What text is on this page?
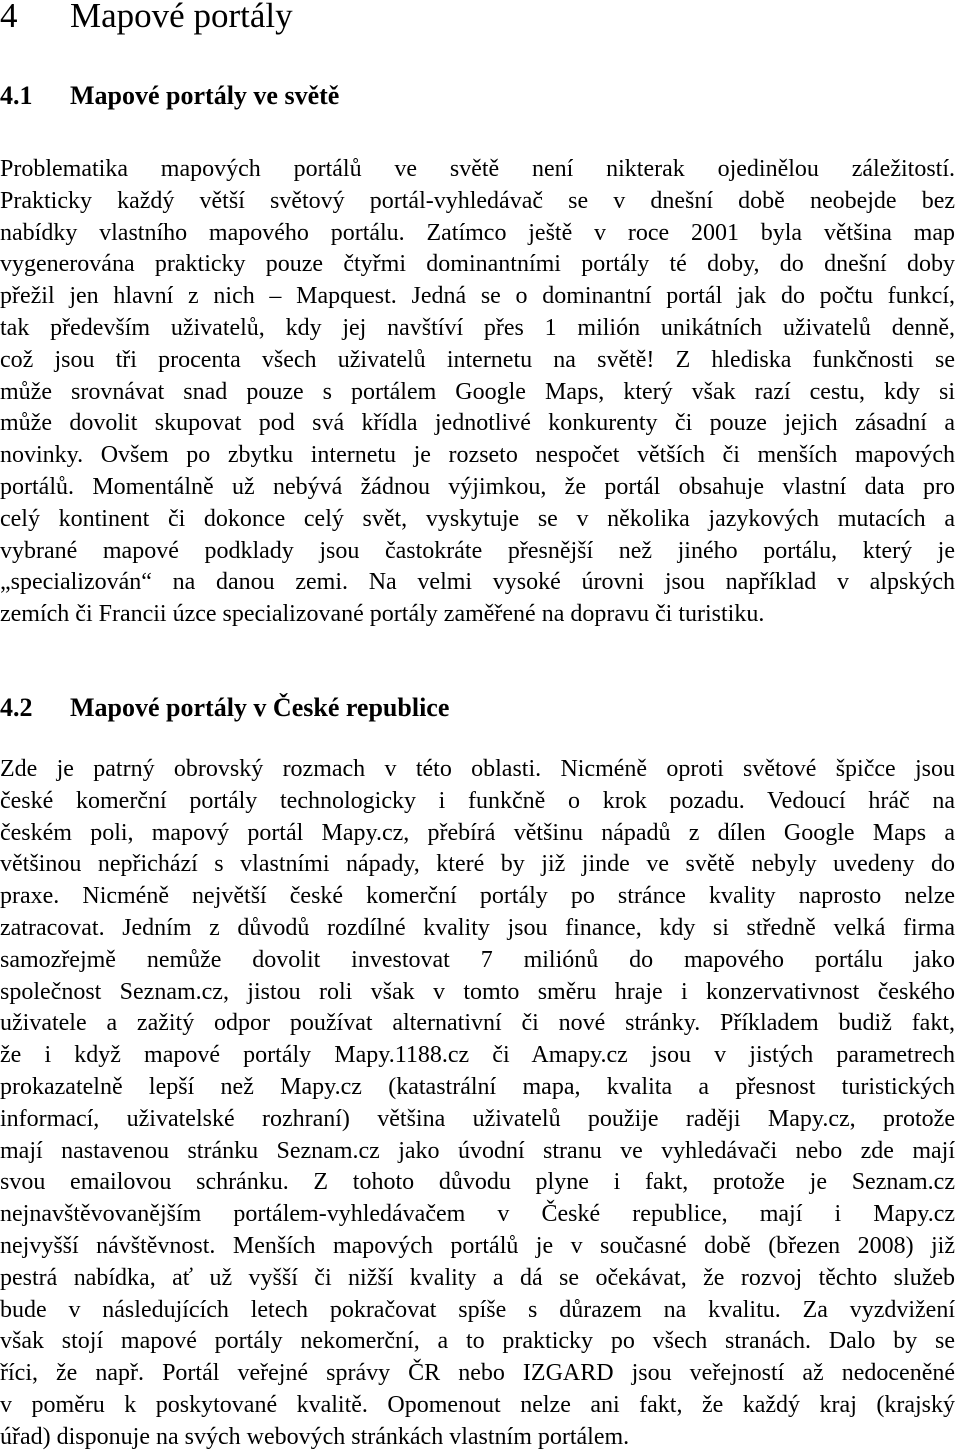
4 Mapové portály
4.1 Mapové portály ve světě
Problematika mapových portálů ve světě není nikterak ojedinělou záležitostí.
Prakticky každý větší světový portál-vyhledávač se v dnešní době neobejde bez
nabídky vlastního mapového portálu. Zatímco ještě v roce 2001 byla většina map
vygenerována prakticky pouze čtyřmi dominantními portály té doby, do dnešní doby
přežil jen hlavní z nich – Mapquest. Jedná se o dominantní portál jak do počtu funkcí,
tak především uživatelů, kdy jej navštíví přes 1 milión unikátních uživatelů denně,
což jsou tři procenta všech uživatelů internetu na světě! Z hlediska funkčnosti se
může srovnávat snad pouze s portálem Google Maps, který však razí cestu, kdy si
může dovolit skupovat pod svá křídla jednotlivé konkurenty či pouze jejich zásadní a
novinky. Ovšem po zbytku internetu je rozseto nespočet větších či menších mapových
portálů. Momentálně už nebývá žádnou výjimkou, že portál obsahuje vlastní data pro
celý kontinent či dokonce celý svět, vyskytuje se v několika jazykových mutacích a
vybrané mapové podklady jsou častokráte přesnější než jiného portálu, který je
„specializován“ na danou zemi. Na velmi vysoké úrovni jsou například v alpských
zemích či Francii úzce specializované portály zaměřené na dopravu či turistiku.
4.2 Mapové portály v České republice
Zde je patrný obrovský rozmach v této oblasti. Nicméně oproti světové špičce jsou
české komerční portály technologicky i funkčně o krok pozadu. Vedoucí hráč na
českém poli, mapový portál Mapy.cz, přebírá většinu nápadů z dílen Google Maps a
většinou nepřichází s vlastními nápady, které by již jinde ve světě nebyly uvedeny do
praxe. Nicméně největší české komerční portály po stránce kvality naprosto nelze
zatracovat. Jedním z důvodů rozdílné kvality jsou finance, kdy si středně velká firma
samozřejmě nemůže dovolit investovat 7 miliónů do mapového portálu jako
společnost Seznam.cz, jistou roli však v tomto směru hraje i konzervativnost českého
uživatele a zažitý odpor používat alternativní či nové stránky. Příkladem budiž fakt,
že i když mapové portály Mapy.1188.cz či Amapy.cz jsou v jistých parametrech
prokazatelně lepší než Mapy.cz (katastrální mapa, kvalita a přesnost turistických
informací, uživatelské rozhraní) většina uživatelů použije raději Mapy.cz, protože
mají nastavenou stránku Seznam.cz jako úvodní stranu ve vyhledávači nebo zde mají
svou emailovou schránku. Z tohoto důvodu plyne i fakt, protože je Seznam.cz
nejnavštěvovanějším portálem-vyhledávačem v České republice, mají i Mapy.cz
nejvyšší návštěvnost. Menších mapových portálů je v současné době (březen 2008) již
pestrá nabídka, ať už vyšší či nižší kvality a dá se očekávat, že rozvoj těchto služeb
bude v následujících letech pokračovat spíše s důrazem na kvalitu. Za vyzdvižení
však stojí mapové portály nekomerční, a to prakticky po všech stranách. Dalo by se
říci, že např. Portál veřejné správy ČR nebo IZGARD jsou veřejností až nedoceněné
v poměru k poskytované kvalitě. Opomenout nelze ani fakt, že každý kraj (krajský
úřad) disponuje na svých webových stránkách vlastním portálem.
